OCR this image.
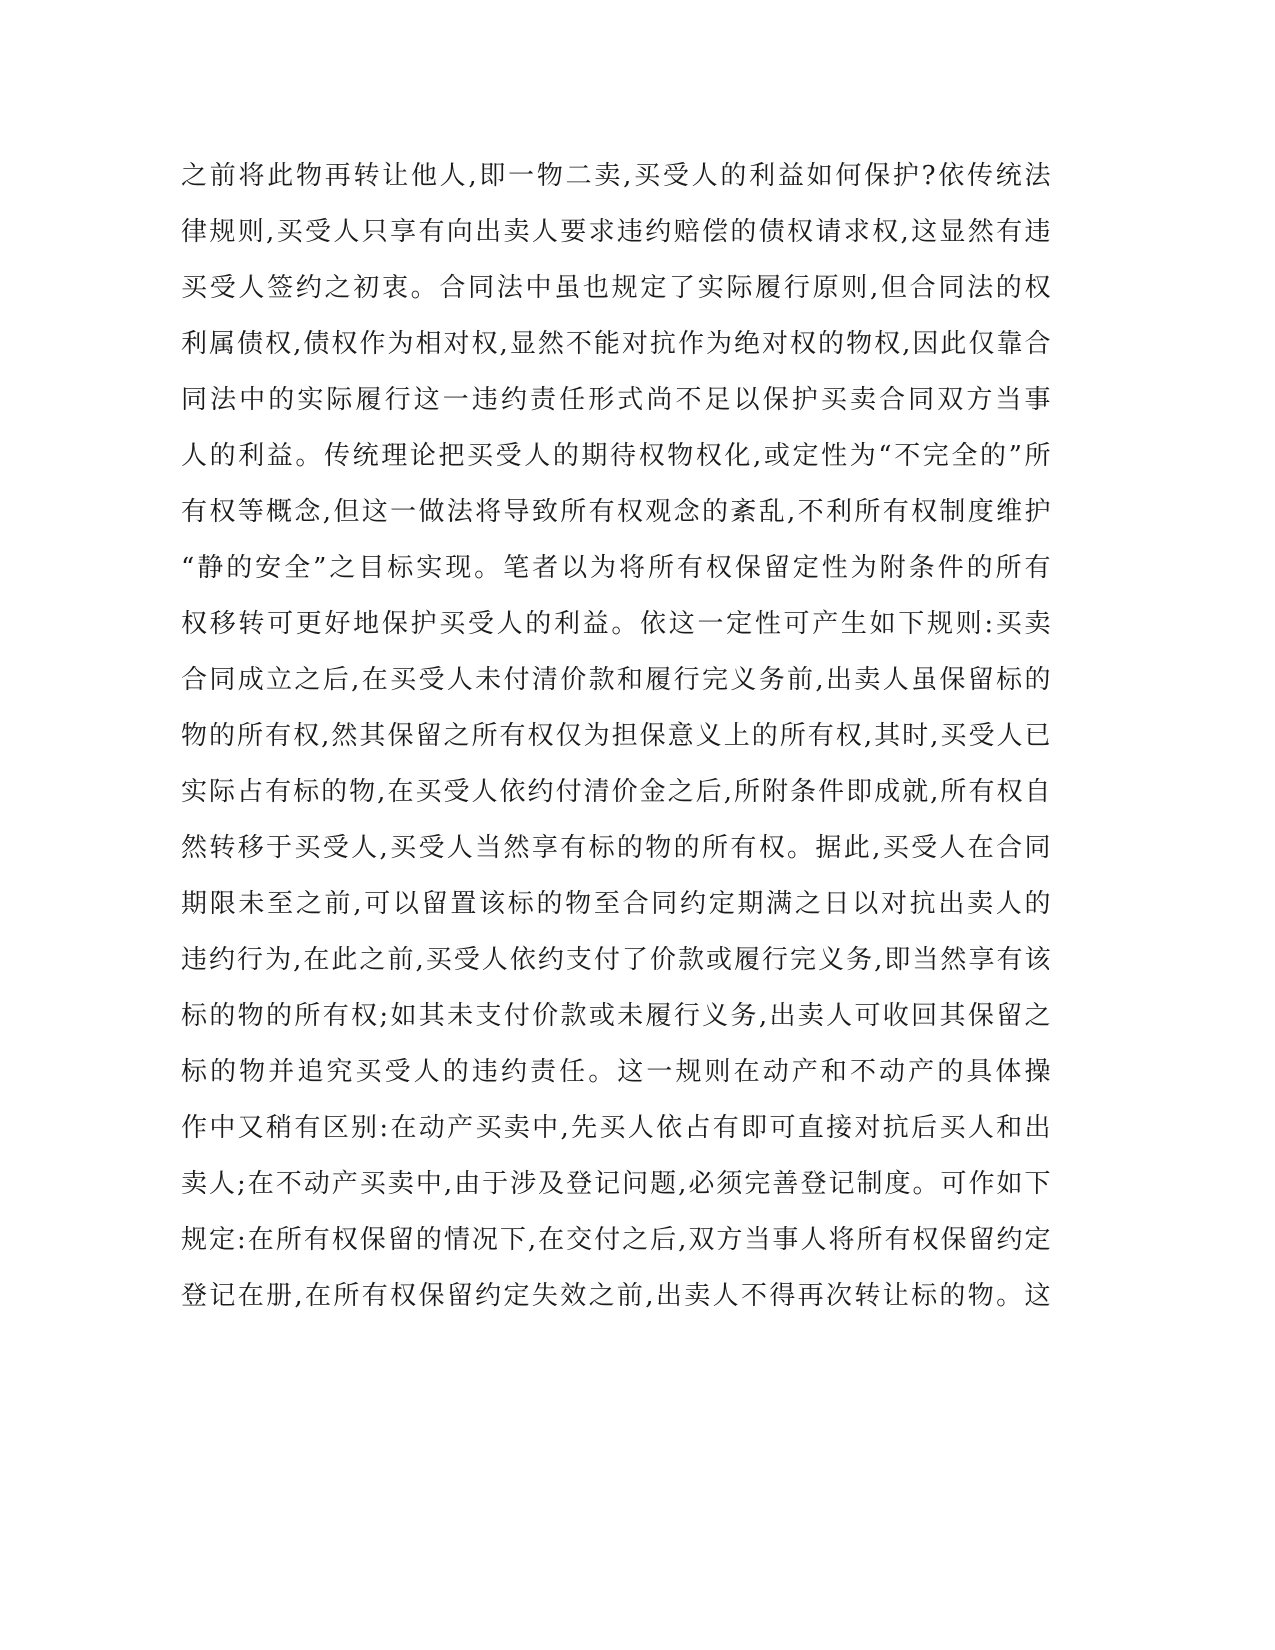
之前将此物再转让他人,即一物二卖,买受人的利益如何保护?依传统法
律规则,买受人只享有向出卖人要求违约赔偿的债权请求权,这显然有违
买受人签约之初衷。合同法中虽也规定了实际履行原则,但合同法的权
利属债权,债权作为相对权,显然不能对抗作为绝对权的物权,因此仅靠合
同法中的实际履行这一违约责任形式尚不足以保护买卖合同双方当事
人的利益。传统理论把买受人的期待权物权化,或定性为“不完全的”所
有权等概念,但这一做法将导致所有权观念的紊乱,不利所有权制度维护
“静的安全”之目标实现。笔者以为将所有权保留定性为附条件的所有
权移转可更好地保护买受人的利益。依这一定性可产生如下规则:买卖
合同成立之后,在买受人未付清价款和履行完义务前,出卖人虽保留标的
物的所有权,然其保留之所有权仅为担保意义上的所有权,其时,买受人已
实际占有标的物,在买受人依约付清价金之后,所附条件即成就,所有权自
然转移于买受人,买受人当然享有标的物的所有权。据此,买受人在合同
期限未至之前,可以留置该标的物至合同约定期满之日以对抗出卖人的
违约行为,在此之前,买受人依约支付了价款或履行完义务,即当然享有该
标的物的所有权;如其未支付价款或未履行义务,出卖人可收回其保留之
标的物并追究买受人的违约责任。这一规则在动产和不动产的具体操
作中又稍有区别:在动产买卖中,先买人依占有即可直接对抗后买人和出
卖人;在不动产买卖中,由于涉及登记问题,必须完善登记制度。可作如下
规定:在所有权保留的情况下,在交付之后,双方当事人将所有权保留约定
登记在册,在所有权保留约定失效之前,出卖人不得再次转让标的物。这
